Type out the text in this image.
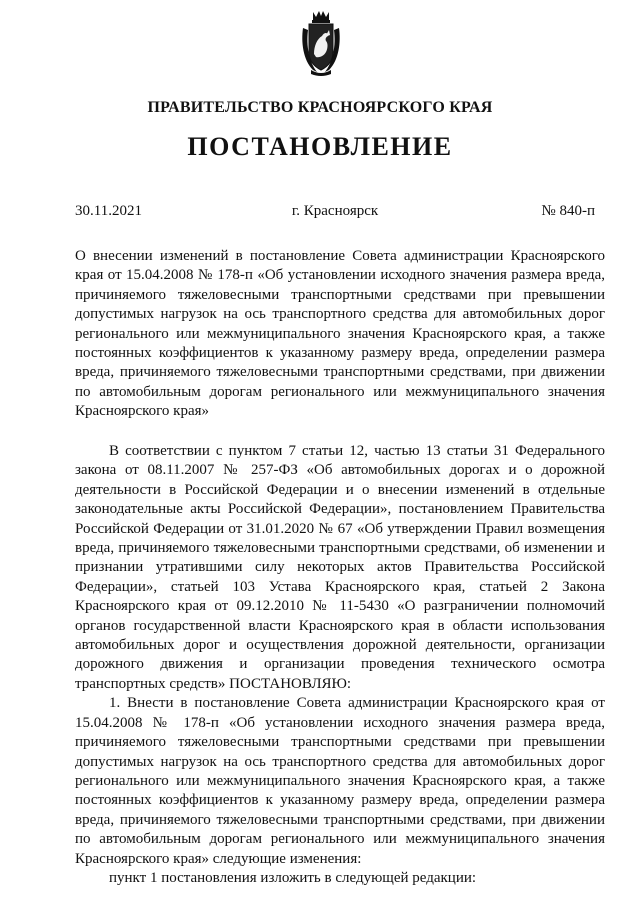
ПРАВИТЕЛЬСТВО КРАСНОЯРСКОГО КРАЯ
ПОСТАНОВЛЕНИЕ
30.11.2021	г. Красноярск	№ 840-п

О внесении изменений в постановление Совета администрации Красноярского края от 15.04.2008 № 178-п «Об установлении исходного значения размера вреда, причиняемого тяжеловесными транспортными средствами при превышении допустимых нагрузок на ось транспортного средства для автомобильных дорог регионального или межмуниципального значения Красноярского края, а также постоянных коэффициентов к указанному размеру вреда, определении размера вреда, причиняемого тяжеловесными транспортными средствами, при движении по автомобильным дорогам регионального или межмуниципального значения Красноярского края»

В соответствии с пунктом 7 статьи 12, частью 13 статьи 31 Федерального закона от 08.11.2007 № 257-ФЗ «Об автомобильных дорогах и о дорожной деятельности в Российской Федерации и о внесении изменений в отдельные законодательные акты Российской Федерации», постановлением Правительства Российской Федерации от 31.01.2020 № 67 «Об утверждении Правил возмещения вреда, причиняемого тяжеловесными транспортными средствами, об изменении и признании утратившими силу некоторых актов Правительства Российской Федерации», статьей 103 Устава Красноярского края, статьей 2 Закона Красноярского края от 09.12.2010 № 11-5430 «О разграничении полномочий органов государственной власти Красноярского края в области использования автомобильных дорог и осуществления дорожной деятельности, организации дорожного движения и организации проведения технического осмотра транспортных средств» ПОСТАНОВЛЯЮ:

1. Внести в постановление Совета администрации Красноярского края от 15.04.2008 № 178-п «Об установлении исходного значения размера вреда, причиняемого тяжеловесными транспортными средствами при превышении допустимых нагрузок на ось транспортного средства для автомобильных дорог регионального или межмуниципального значения Красноярского края, а также постоянных коэффициентов к указанному размеру вреда, определении размера вреда, причиняемого тяжеловесными транспортными средствами, при движении по автомобильным дорогам регионального или межмуниципального значения Красноярского края» следующие изменения:

пункт 1 постановления изложить в следующей редакции:
